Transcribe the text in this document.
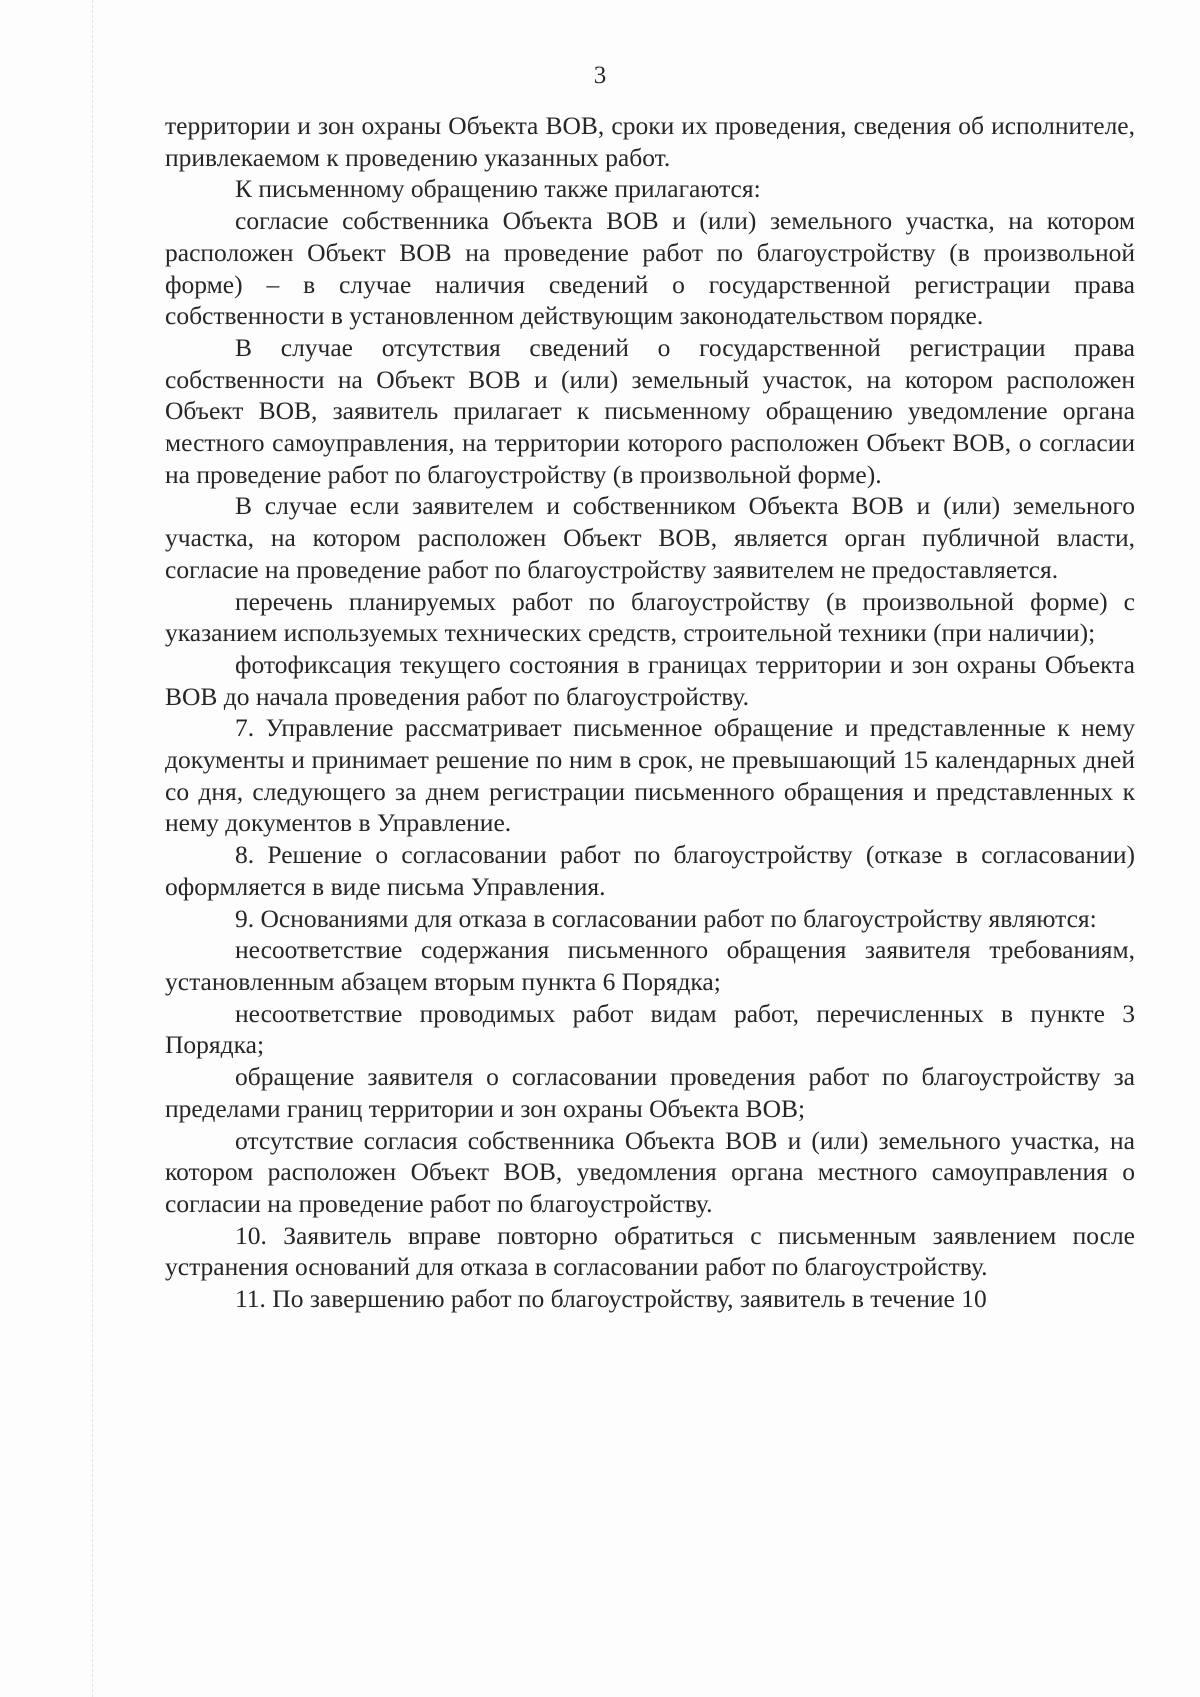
3

территории и зон охраны Объекта ВОВ, сроки их проведения, сведения об исполнителе, привлекаемом к проведению указанных работ.

К письменному обращению также прилагаются:

согласие собственника Объекта ВОВ и (или) земельного участка, на котором расположен Объект ВОВ на проведение работ по благоустройству (в произвольной форме) – в случае наличия сведений о государственной регистрации права собственности в установленном действующим законодательством порядке.

В случае отсутствия сведений о государственной регистрации права собственности на Объект ВОВ и (или) земельный участок, на котором расположен Объект ВОВ, заявитель прилагает к письменному обращению уведомление органа местного самоуправления, на территории которого расположен Объект ВОВ, о согласии на проведение работ по благоустройству (в произвольной форме).

В случае если заявителем и собственником Объекта ВОВ и (или) земельного участка, на котором расположен Объект ВОВ, является орган публичной власти, согласие на проведение работ по благоустройству заявителем не предоставляется.

перечень планируемых работ по благоустройству (в произвольной форме) с указанием используемых технических средств, строительной техники (при наличии);

фотофиксация текущего состояния в границах территории и зон охраны Объекта ВОВ до начала проведения работ по благоустройству.

7. Управление рассматривает письменное обращение и представленные к нему документы и принимает решение по ним в срок, не превышающий 15 календарных дней со дня, следующего за днем регистрации письменного обращения и представленных к нему документов в Управление.

8. Решение о согласовании работ по благоустройству (отказе в согласовании) оформляется в виде письма Управления.

9. Основаниями для отказа в согласовании работ по благоустройству являются:

несоответствие содержания письменного обращения заявителя требованиям, установленным абзацем вторым пункта 6 Порядка;

несоответствие проводимых работ видам работ, перечисленных в пункте 3 Порядка;

обращение заявителя о согласовании проведения работ по благоустройству за пределами границ территории и зон охраны Объекта ВОВ;

отсутствие согласия собственника Объекта ВОВ и (или) земельного участка, на котором расположен Объект ВОВ, уведомления органа местного самоуправления о согласии на проведение работ по благоустройству.

10. Заявитель вправе повторно обратиться с письменным заявлением после устранения оснований для отказа в согласовании работ по благоустройству.

11. По завершению работ по благоустройству, заявитель в течение 10
